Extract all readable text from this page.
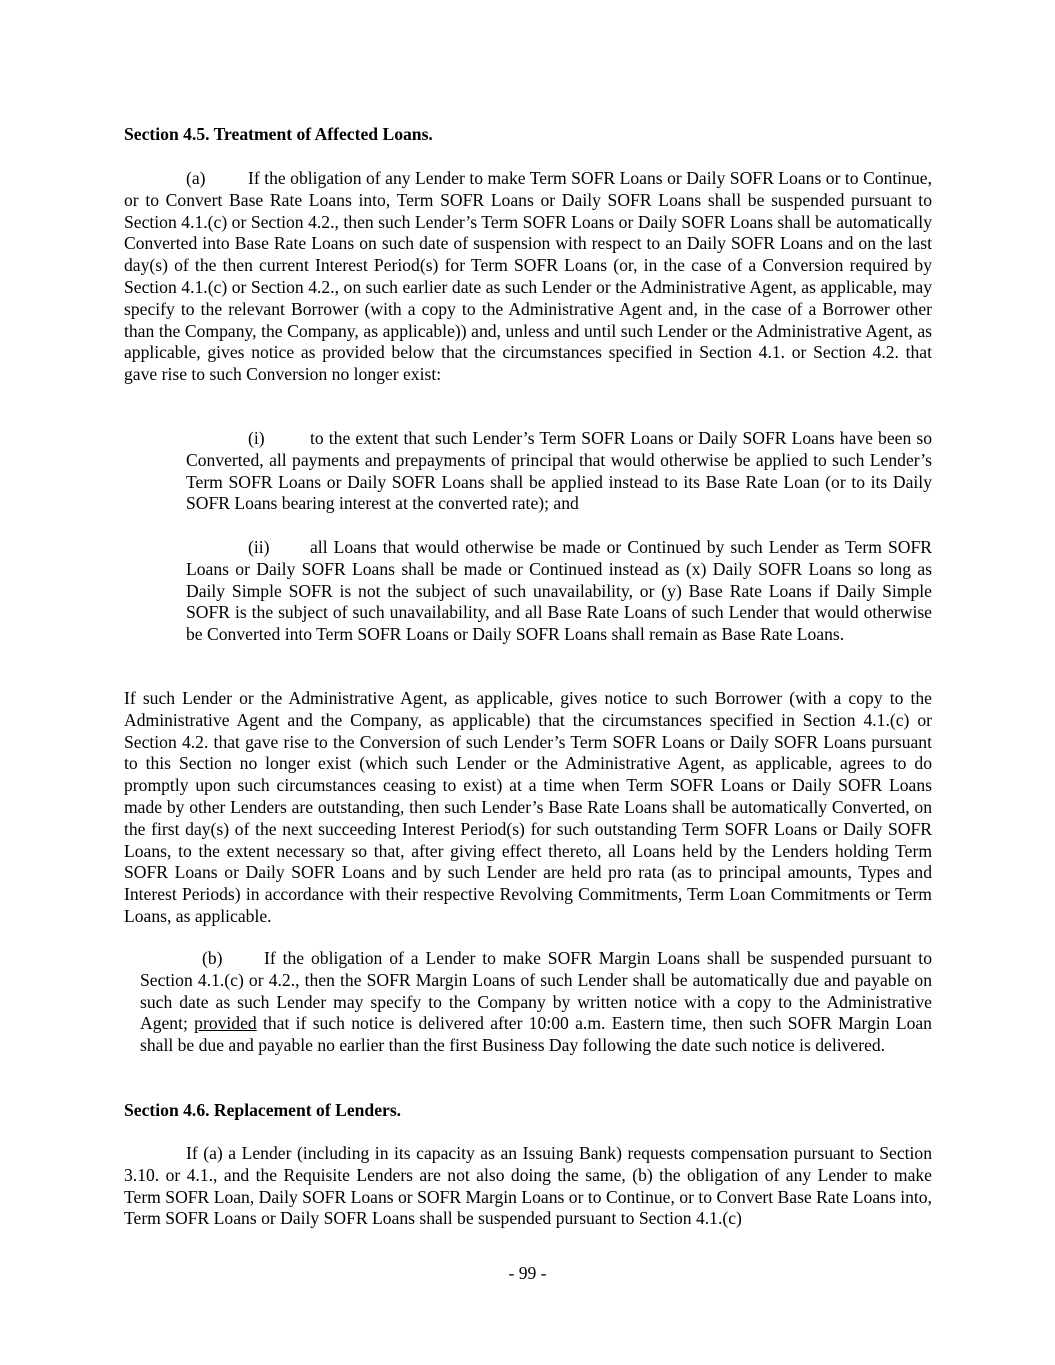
Section 4.5. Treatment of Affected Loans.
(a) If the obligation of any Lender to make Term SOFR Loans or Daily SOFR Loans or to Continue, or to Convert Base Rate Loans into, Term SOFR Loans or Daily SOFR Loans shall be suspended pursuant to Section 4.1.(c) or Section 4.2., then such Lender’s Term SOFR Loans or Daily SOFR Loans shall be automatically Converted into Base Rate Loans on such date of suspension with respect to an Daily SOFR Loans and on the last day(s) of the then current Interest Period(s) for Term SOFR Loans (or, in the case of a Conversion required by Section 4.1.(c) or Section 4.2., on such earlier date as such Lender or the Administrative Agent, as applicable, may specify to the relevant Borrower (with a copy to the Administrative Agent and, in the case of a Borrower other than the Company, the Company, as applicable)) and, unless and until such Lender or the Administrative Agent, as applicable, gives notice as provided below that the circumstances specified in Section 4.1. or Section 4.2. that gave rise to such Conversion no longer exist:
(i)	to the extent that such Lender’s Term SOFR Loans or Daily SOFR Loans have been so Converted, all payments and prepayments of principal that would otherwise be applied to such Lender’s Term SOFR Loans or Daily SOFR Loans shall be applied instead to its Base Rate Loan (or to its Daily SOFR Loans bearing interest at the converted rate); and
(ii) all Loans that would otherwise be made or Continued by such Lender as Term SOFR Loans or Daily SOFR Loans shall be made or Continued instead as (x) Daily SOFR Loans so long as Daily Simple SOFR is not the subject of such unavailability, or (y) Base Rate Loans if Daily Simple SOFR is the subject of such unavailability, and all Base Rate Loans of such Lender that would otherwise be Converted into Term SOFR Loans or Daily SOFR Loans shall remain as Base Rate Loans.
If such Lender or the Administrative Agent, as applicable, gives notice to such Borrower (with a copy to the Administrative Agent and the Company, as applicable) that the circumstances specified in Section 4.1.(c) or Section 4.2. that gave rise to the Conversion of such Lender’s Term SOFR Loans or Daily SOFR Loans pursuant to this Section no longer exist (which such Lender or the Administrative Agent, as applicable, agrees to do promptly upon such circumstances ceasing to exist) at a time when Term SOFR Loans or Daily SOFR Loans made by other Lenders are outstanding, then such Lender’s Base Rate Loans shall be automatically Converted, on the first day(s) of the next succeeding Interest Period(s) for such outstanding Term SOFR Loans or Daily SOFR Loans, to the extent necessary so that, after giving effect thereto, all Loans held by the Lenders holding Term SOFR Loans or Daily SOFR Loans and by such Lender are held pro rata (as to principal amounts, Types and Interest Periods) in accordance with their respective Revolving Commitments, Term Loan Commitments or Term Loans, as applicable.
(b) If the obligation of a Lender to make SOFR Margin Loans shall be suspended pursuant to Section 4.1.(c) or 4.2., then the SOFR Margin Loans of such Lender shall be automatically due and payable on such date as such Lender may specify to the Company by written notice with a copy to the Administrative Agent; provided that if such notice is delivered after 10:00 a.m. Eastern time, then such SOFR Margin Loan shall be due and payable no earlier than the first Business Day following the date such notice is delivered.
Section 4.6. Replacement of Lenders.
If (a) a Lender (including in its capacity as an Issuing Bank) requests compensation pursuant to Section 3.10. or 4.1., and the Requisite Lenders are not also doing the same, (b) the obligation of any Lender to make Term SOFR Loan, Daily SOFR Loans or SOFR Margin Loans or to Continue, or to Convert Base Rate Loans into, Term SOFR Loans or Daily SOFR Loans shall be suspended pursuant to Section 4.1.(c)
- 99 -
